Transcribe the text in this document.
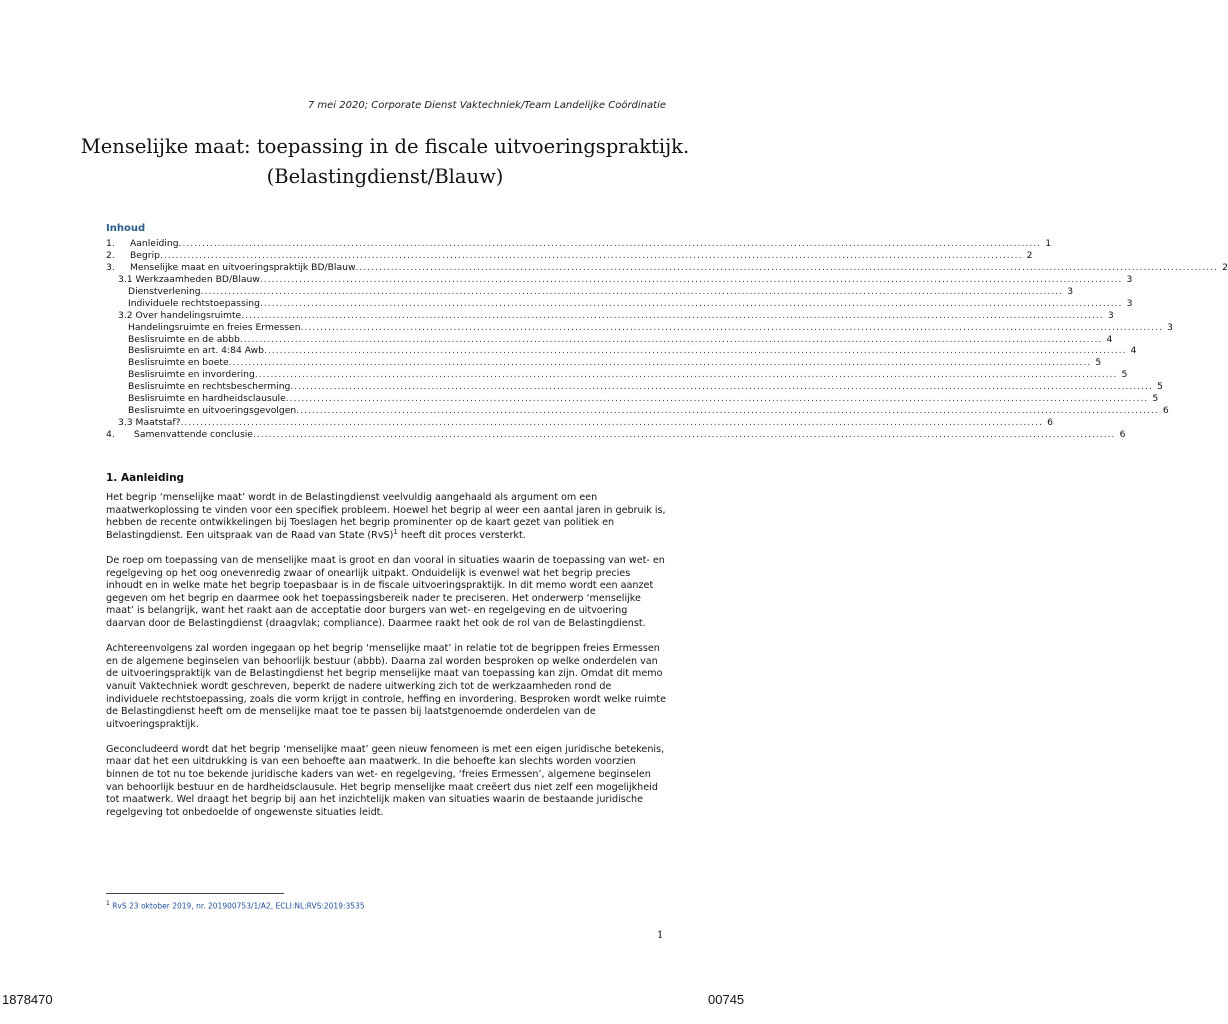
7 mei 2020; Corporate Dienst Vaktechniek/Team Landelijke Coördinatie
Menselijke maat: toepassing in de fiscale uitvoeringspraktijk.
(Belastingdienst/Blauw)
Inhoud
1.	Aanleiding ............................................................................................................................................................................................................................ 1
2.	Begrip ............................................................................................................................................................................................................................ 2
3.	Menselijke maat en uitvoeringspraktijk BD/Blauw ............................................................................................................................................................................................................................ 2
3.1 Werkzaamheden BD/Blauw ............................................................................................................................................................................................................................ 3
Dienstverlening ............................................................................................................................................................................................................................ 3
Individuele rechtstoepassing ............................................................................................................................................................................................................................ 3
3.2 Over handelingsruimte ............................................................................................................................................................................................................................ 3
Handelingsruimte en freies Ermessen ............................................................................................................................................................................................................................ 3
Beslisruimte en de abbb ............................................................................................................................................................................................................................ 4
Beslisruimte en art. 4:84 Awb ............................................................................................................................................................................................................................ 4
Beslisruimte en boete ............................................................................................................................................................................................................................ 5
Beslisruimte en invordering ............................................................................................................................................................................................................................ 5
Beslisruimte en rechtsbescherming ............................................................................................................................................................................................................................ 5
Beslisruimte en hardheidsclausule ............................................................................................................................................................................................................................ 5
Beslisruimte en uitvoeringsgevolgen ............................................................................................................................................................................................................................ 6
3.3 Maatstaf? ............................................................................................................................................................................................................................ 6
4.	Samenvattende conclusie ............................................................................................................................................................................................................................ 6
1. Aanleiding

Het begrip ‘menselijke maat’ wordt in de Belastingdienst veelvuldig aangehaald als argument om een maatwerkoplossing te vinden voor een specifiek probleem. Hoewel het begrip al weer een aantal jaren in gebruik is, hebben de recente ontwikkelingen bij Toeslagen het begrip prominenter op de kaart gezet van politiek en Belastingdienst. Een uitspraak van de Raad van State (RvS)$^1$ heeft dit proces versterkt.

De roep om toepassing van de menselijke maat is groot en dan vooral in situaties waarin de toepassing van wet- en regelgeving op het oog onevenredig zwaar of onearlijk uitpakt. Onduidelijk is evenwel wat het begrip precies inhoudt en in welke mate het begrip toepasbaar is in de fiscale uitvoeringspraktijk. In dit memo wordt een aanzet gegeven om het begrip en daarmee ook het toepassingsbereik nader te preciseren. Het onderwerp ‘menselijke maat’ is belangrijk, want het raakt aan de acceptatie door burgers van wet- en regelgeving en de uitvoering daarvan door de Belastingdienst (draagvlak; compliance). Daarmee raakt het ook de rol van de Belastingdienst.

Achtereenvolgens zal worden ingegaan op het begrip ‘menselijke maat’ in relatie tot de begrippen freies Ermessen en de algemene beginselen van behoorlijk bestuur (abbb). Daarna zal worden besproken op welke onderdelen van de uitvoeringspraktijk van de Belastingdienst het begrip menselijke maat van toepassing kan zijn. Omdat dit memo vanuit Vaktechniek wordt geschreven, beperkt de nadere uitwerking zich tot de werkzaamheden rond de individuele rechtstoepassing, zoals die vorm krijgt in controle, heffing en invordering. Besproken wordt welke ruimte de Belastingdienst heeft om de menselijke maat toe te passen bij laatstgenoemde onderdelen van de uitvoeringspraktijk.

Geconcludeerd wordt dat het begrip ‘menselijke maat’ geen nieuw fenomeen is met een eigen juridische betekenis, maar dat het een uitdrukking is van een behoefte aan maatwerk. In die behoefte kan slechts worden voorzien binnen de tot nu toe bekende juridische kaders van wet- en regelgeving, ‘freies Ermessen’, algemene beginselen van behoorlijk bestuur en de hardheidsclausule. Het begrip menselijke maat creëert dus niet zelf een mogelijkheid tot maatwerk. Wel draagt het begrip bij aan het inzichtelijk maken van situaties waarin de bestaande juridische regelgeving tot onbedoelde of ongewenste situaties leidt.

$^1$ RvS 23 oktober 2019, nr. 201900753/1/A2, ECLI:NL:RVS:2019:3535
1
1878470	00745
